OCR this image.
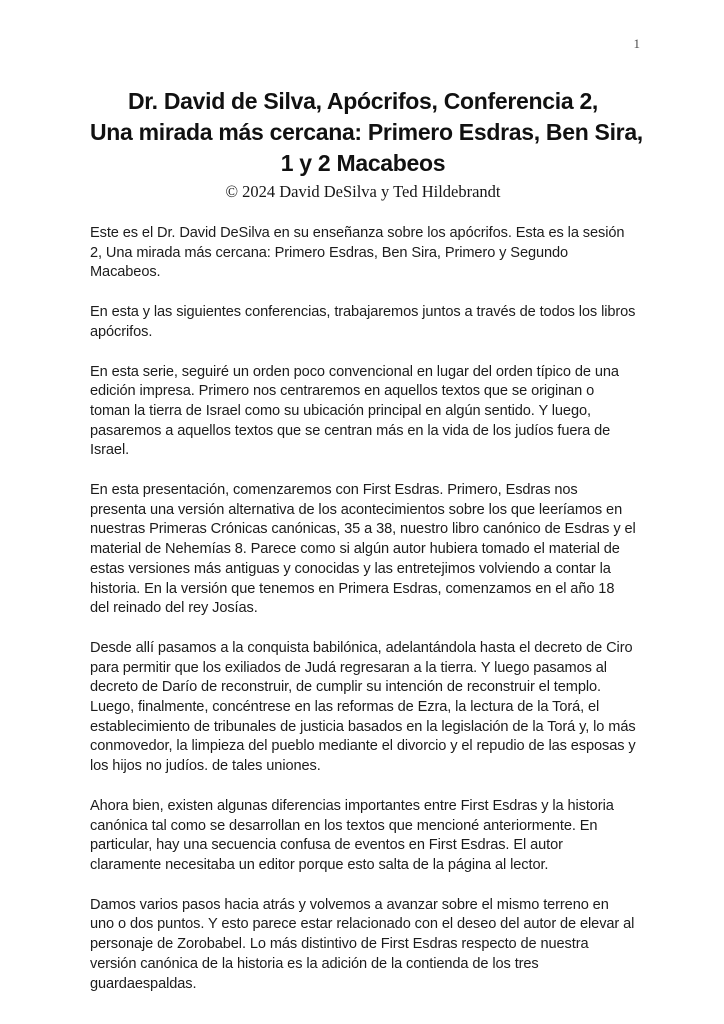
1
Dr. David de Silva, Apócrifos, Conferencia 2,
Una mirada más cercana: Primero Esdras, Ben Sira,
1 y 2 Macabeos
© 2024 David DeSilva y Ted Hildebrandt

Este es el Dr. David DeSilva en su enseñanza sobre los apócrifos. Esta es la sesión 2, Una mirada más cercana: Primero Esdras, Ben Sira, Primero y Segundo Macabeos.

En esta y las siguientes conferencias, trabajaremos juntos a través de todos los libros apócrifos.

En esta serie, seguiré un orden poco convencional en lugar del orden típico de una edición impresa. Primero nos centraremos en aquellos textos que se originan o toman la tierra de Israel como su ubicación principal en algún sentido. Y luego, pasaremos a aquellos textos que se centran más en la vida de los judíos fuera de Israel.

En esta presentación, comenzaremos con First Esdras. Primero, Esdras nos presenta una versión alternativa de los acontecimientos sobre los que leeríamos en nuestras Primeras Crónicas canónicas, 35 a 38, nuestro libro canónico de Esdras y el material de Nehemías 8. Parece como si algún autor hubiera tomado el material de estas versiones más antiguas y conocidas y las entretejimos volviendo a contar la historia. En la versión que tenemos en Primera Esdras, comenzamos en el año 18 del reinado del rey Josías.

Desde allí pasamos a la conquista babilónica, adelantándola hasta el decreto de Ciro para permitir que los exiliados de Judá regresaran a la tierra. Y luego pasamos al decreto de Darío de reconstruir, de cumplir su intención de reconstruir el templo. Luego, finalmente, concéntrese en las reformas de Ezra, la lectura de la Torá, el establecimiento de tribunales de justicia basados en la legislación de la Torá y, lo más conmovedor, la limpieza del pueblo mediante el divorcio y el repudio de las esposas y los hijos no judíos. de tales uniones.

Ahora bien, existen algunas diferencias importantes entre First Esdras y la historia canónica tal como se desarrollan en los textos que mencioné anteriormente. En particular, hay una secuencia confusa de eventos en First Esdras. El autor claramente necesitaba un editor porque esto salta de la página al lector.

Damos varios pasos hacia atrás y volvemos a avanzar sobre el mismo terreno en uno o dos puntos. Y esto parece estar relacionado con el deseo del autor de elevar al personaje de Zorobabel. Lo más distintivo de First Esdras respecto de nuestra versión canónica de la historia es la adición de la contienda de los tres guardaespaldas.
